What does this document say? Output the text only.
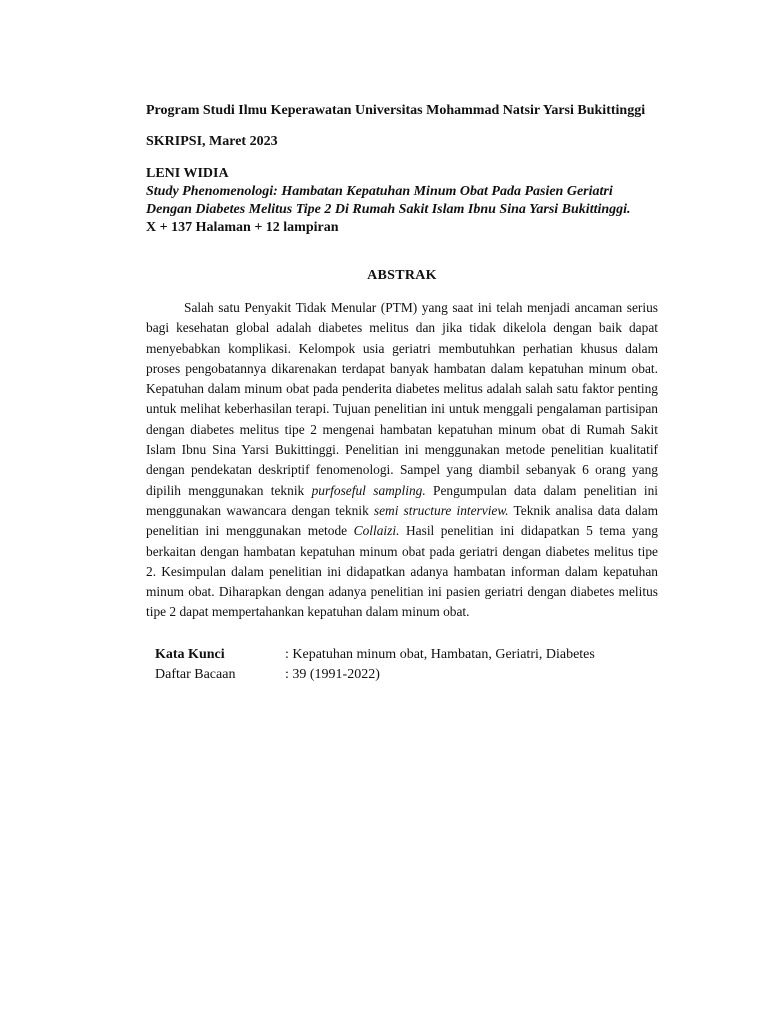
Program Studi Ilmu Keperawatan Universitas Mohammad Natsir Yarsi Bukittinggi

SKRIPSI, Maret 2023

LENI WIDIA
Study Phenomenologi: Hambatan Kepatuhan Minum Obat Pada Pasien Geriatri Dengan Diabetes Melitus Tipe 2 Di Rumah Sakit Islam Ibnu Sina Yarsi Bukittinggi.
X + 137 Halaman + 12 lampiran
ABSTRAK

Salah satu Penyakit Tidak Menular (PTM) yang saat ini telah menjadi ancaman serius bagi kesehatan global adalah diabetes melitus dan jika tidak dikelola dengan baik dapat menyebabkan komplikasi. Kelompok usia geriatri membutuhkan perhatian khusus dalam proses pengobatannya dikarenakan terdapat banyak hambatan dalam kepatuhan minum obat. Kepatuhan dalam minum obat pada penderita diabetes melitus adalah salah satu faktor penting untuk melihat keberhasilan terapi. Tujuan penelitian ini untuk menggali pengalaman partisipan dengan diabetes melitus tipe 2 mengenai hambatan kepatuhan minum obat di Rumah Sakit Islam Ibnu Sina Yarsi Bukittinggi. Penelitian ini menggunakan metode penelitian kualitatif dengan pendekatan deskriptif fenomenologi. Sampel yang diambil sebanyak 6 orang yang dipilih menggunakan teknik purfoseful sampling. Pengumpulan data dalam penelitian ini menggunakan wawancara dengan teknik semi structure interview. Teknik analisa data dalam penelitian ini menggunakan metode Collaizi. Hasil penelitian ini didapatkan 5 tema yang berkaitan dengan hambatan kepatuhan minum obat pada geriatri dengan diabetes melitus tipe 2. Kesimpulan dalam penelitian ini didapatkan adanya hambatan informan dalam kepatuhan minum obat. Diharapkan dengan adanya penelitian ini pasien geriatri dengan diabetes melitus tipe 2 dapat mempertahankan kepatuhan dalam minum obat.

Kata Kunci	: Kepatuhan minum obat, Hambatan, Geriatri, Diabetes
Daftar Bacaan	: 39 (1991-2022)
